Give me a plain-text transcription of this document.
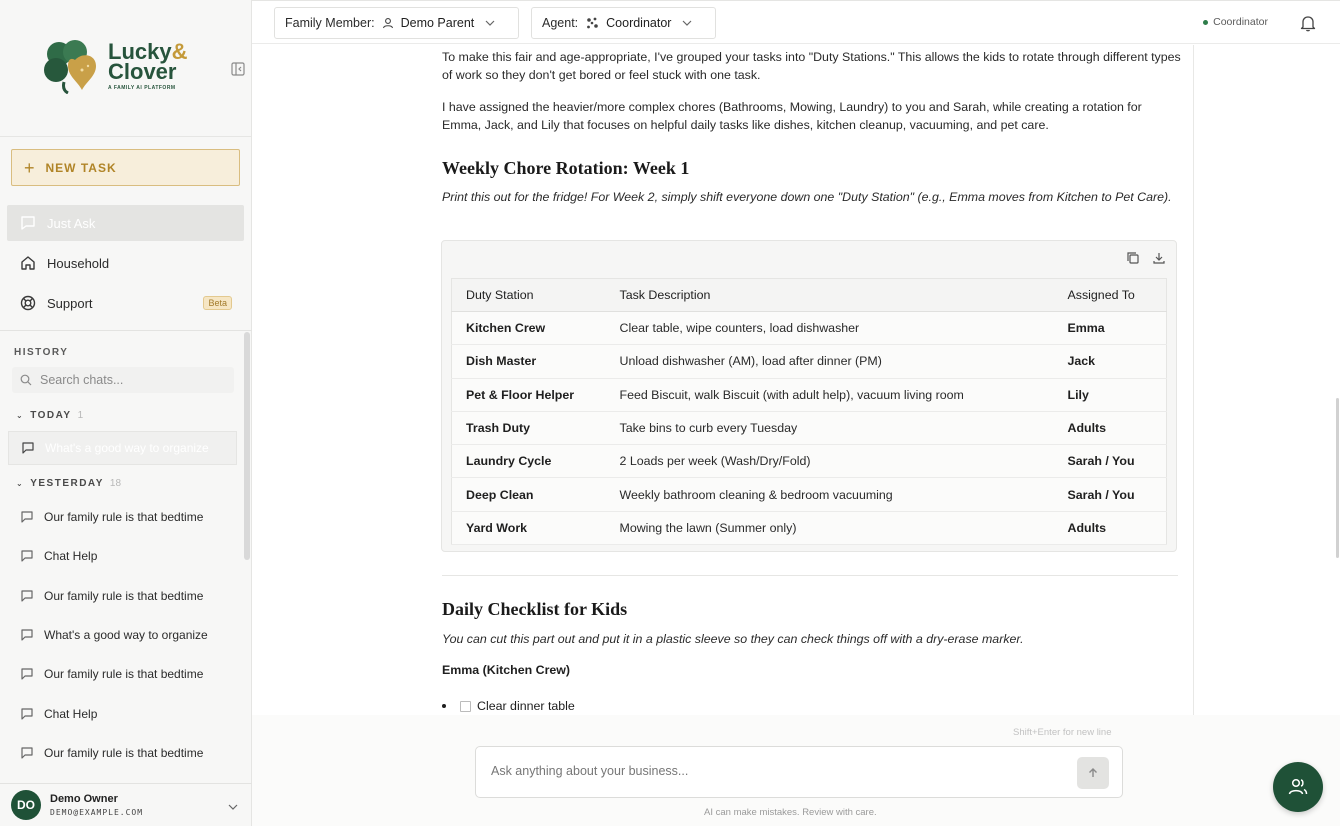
Lucky&
Clover
A FAMILY AI PLATFORM
+ NEW TASK
Just Ask
Household
Support	Beta
HISTORY
Search chats...
⌄ TODAY 1
What's a good way to organize
⌄ YESTERDAY 18
Our family rule is that bedtime
Chat Help
Our family rule is that bedtime
What's a good way to organize
Our family rule is that bedtime
Chat Help
Our family rule is that bedtime
DO	Demo Owner
DEMO@EXAMPLE.COM
Family Member: Demo Parent	Agent: Coordinator	Coordinator

To make this fair and age-appropriate, I've grouped your tasks into "Duty Stations." This allows the kids to rotate through different types of work so they don't get bored or feel stuck with one task.

I have assigned the heavier/more complex chores (Bathrooms, Mowing, Laundry) to you and Sarah, while creating a rotation for Emma, Jack, and Lily that focuses on helpful daily tasks like dishes, kitchen cleanup, vacuuming, and pet care.

Weekly Chore Rotation: Week 1

Print this out for the fridge! For Week 2, simply shift everyone down one "Duty Station" (e.g., Emma moves from Kitchen to Pet Care).

Duty Station	Task Description	Assigned To
Kitchen Crew	Clear table, wipe counters, load dishwasher	Emma
Dish Master	Unload dishwasher (AM), load after dinner (PM)	Jack
Pet & Floor Helper	Feed Biscuit, walk Biscuit (with adult help), vacuum living room	Lily
Trash Duty	Take bins to curb every Tuesday	Adults
Laundry Cycle	2 Loads per week (Wash/Dry/Fold)	Sarah / You
Deep Clean	Weekly bathroom cleaning & bedroom vacuuming	Sarah / You
Yard Work	Mowing the lawn (Summer only)	Adults
Daily Checklist for Kids

You can cut this part out and put it in a plastic sleeve so they can check things off with a dry-erase marker.

Emma (Kitchen Crew)
Clear dinner table
Shift+Enter for new line
Ask anything about your business...
AI can make mistakes. Review with care.
